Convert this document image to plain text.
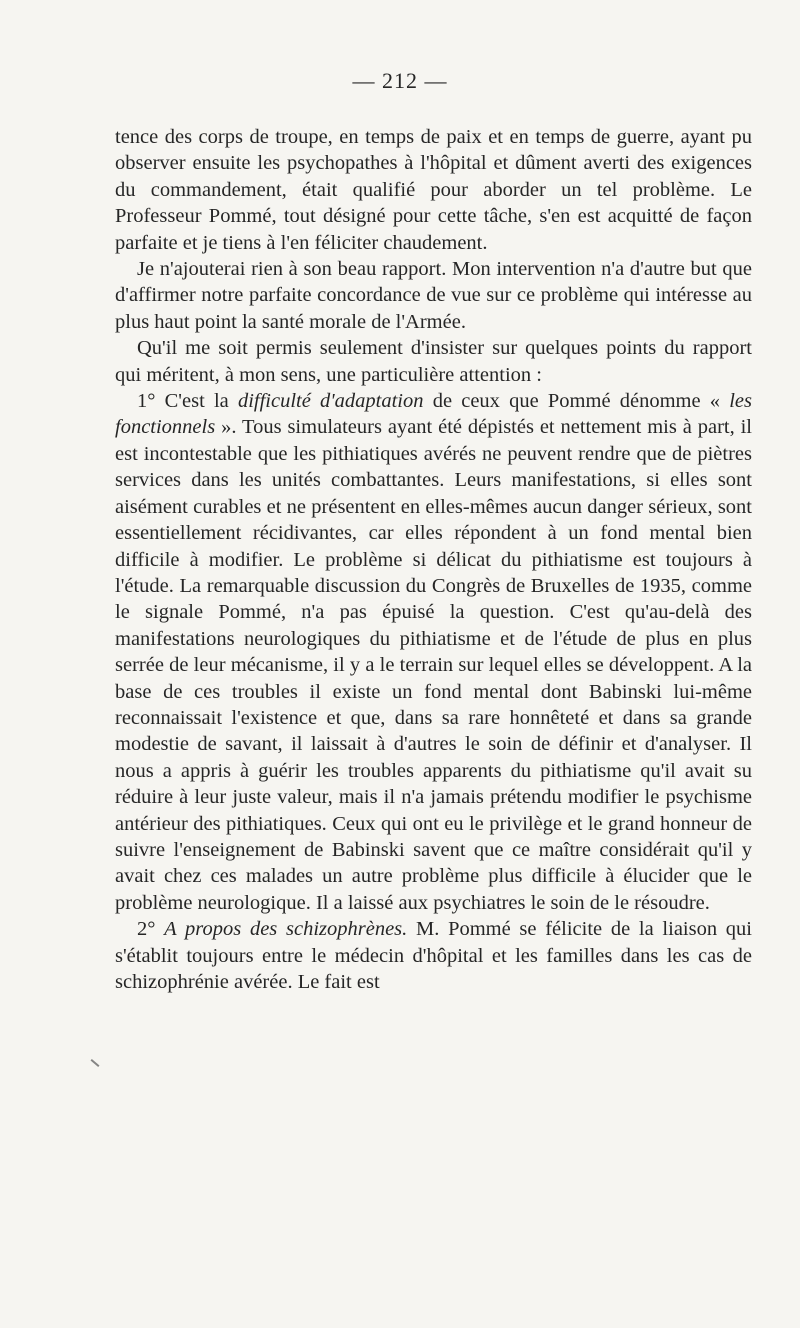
— 212 —

tence des corps de troupe, en temps de paix et en temps de guerre, ayant pu observer ensuite les psychopathes à l'hôpital et dûment averti des exigences du commandement, était qualifié pour aborder un tel problème. Le Professeur Pommé, tout désigné pour cette tâche, s'en est acquitté de façon parfaite et je tiens à l'en féliciter chaudement.

Je n'ajouterai rien à son beau rapport. Mon intervention n'a d'autre but que d'affirmer notre parfaite concordance de vue sur ce problème qui intéresse au plus haut point la santé morale de l'Armée.

Qu'il me soit permis seulement d'insister sur quelques points du rapport qui méritent, à mon sens, une particulière attention :

1° C'est la difficulté d'adaptation de ceux que Pommé dénomme « les fonctionnels ». Tous simulateurs ayant été dépistés et nettement mis à part, il est incontestable que les pithiatiques avérés ne peuvent rendre que de piètres services dans les unités combattantes. Leurs manifestations, si elles sont aisément curables et ne présentent en elles-mêmes aucun danger sérieux, sont essentiellement récidivantes, car elles répondent à un fond mental bien difficile à modifier. Le problème si délicat du pithiatisme est toujours à l'étude. La remarquable discussion du Congrès de Bruxelles de 1935, comme le signale Pommé, n'a pas épuisé la question. C'est qu'au-delà des manifestations neurologiques du pithiatisme et de l'étude de plus en plus serrée de leur mécanisme, il y a le terrain sur lequel elles se développent. A la base de ces troubles il existe un fond mental dont Babinski lui-même reconnaissait l'existence et que, dans sa rare honnêteté et dans sa grande modestie de savant, il laissait à d'autres le soin de définir et d'analyser. Il nous a appris à guérir les troubles apparents du pithiatisme qu'il avait su réduire à leur juste valeur, mais il n'a jamais prétendu modifier le psychisme antérieur des pithiatiques. Ceux qui ont eu le privilège et le grand honneur de suivre l'enseignement de Babinski savent que ce maître considérait qu'il y avait chez ces malades un autre problème plus difficile à élucider que le problème neurologique. Il a laissé aux psychiatres le soin de le résoudre.

2° A propos des schizophrènes. M. Pommé se félicite de la liaison qui s'établit toujours entre le médecin d'hôpital et les familles dans les cas de schizophrénie avérée. Le fait est
